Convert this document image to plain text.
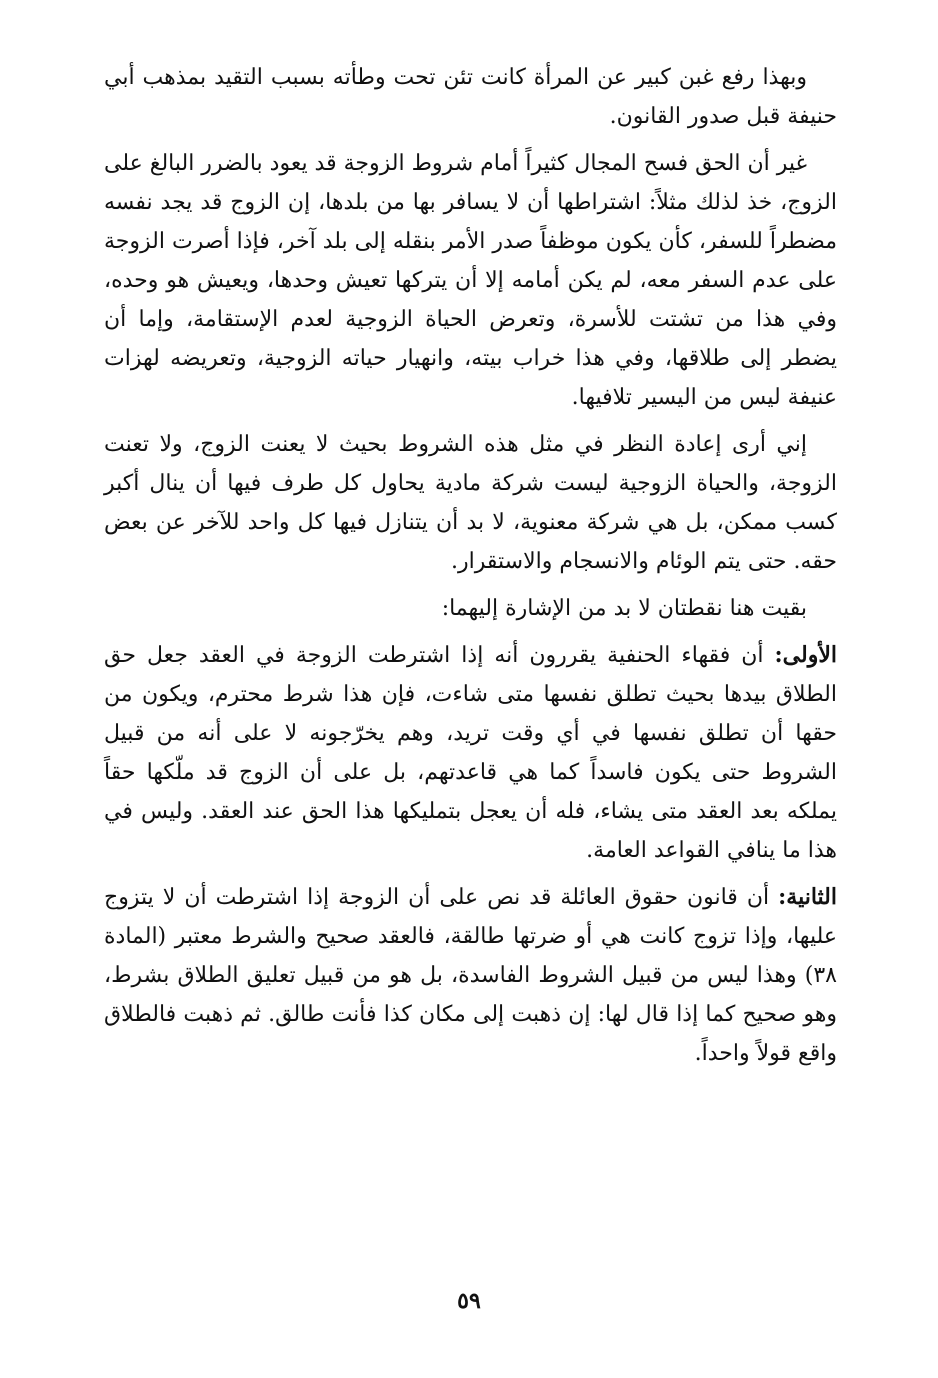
وبهذا رفع غبن كبير عن المرأة كانت تئن تحت وطأته بسبب التقيد بمذهب أبي حنيفة قبل صدور القانون.

غير أن الحق فسح المجال كثيراً أمام شروط الزوجة قد يعود بالضرر البالغ على الزوج، خذ لذلك مثلاً: اشتراطها أن لا يسافر بها من بلدها، إن الزوج قد يجد نفسه مضطراً للسفر، كأن يكون موظفاً صدر الأمر بنقله إلى بلد آخر، فإذا أصرت الزوجة على عدم السفر معه، لم يكن أمامه إلا أن يتركها تعيش وحدها، ويعيش هو وحده، وفي هذا من تشتت للأسرة، وتعرض الحياة الزوجية لعدم الإستقامة، وإما أن يضطر إلى طلاقها، وفي هذا خراب بيته، وانهيار حياته الزوجية، وتعريضه لهزات عنيفة ليس من اليسير تلافيها.

إني أرى إعادة النظر في مثل هذه الشروط بحيث لا يعنت الزوج، ولا تعنت الزوجة، والحياة الزوجية ليست شركة مادية يحاول كل طرف فيها أن ينال أكبر كسب ممكن، بل هي شركة معنوية، لا بد أن يتنازل فيها كل واحد للآخر عن بعض حقه. حتى يتم الوئام والانسجام والاستقرار.

بقيت هنا نقطتان لا بد من الإشارة إليهما:

الأولى: أن فقهاء الحنفية يقررون أنه إذا اشترطت الزوجة في العقد جعل حق الطلاق بيدها بحيث تطلق نفسها متى شاءت، فإن هذا شرط محترم، ويكون من حقها أن تطلق نفسها في أي وقت تريد، وهم يخرّجونه لا على أنه من قبيل الشروط حتى يكون فاسداً كما هي قاعدتهم، بل على أن الزوج قد ملّكها حقاً يملكه بعد العقد متى يشاء، فله أن يعجل بتمليكها هذا الحق عند العقد. وليس في هذا ما ينافي القواعد العامة.

الثانية: أن قانون حقوق العائلة قد نص على أن الزوجة إذا اشترطت أن لا يتزوج عليها، وإذا تزوج كانت هي أو ضرتها طالقة، فالعقد صحيح والشرط معتبر (المادة ٣٨) وهذا ليس من قبيل الشروط الفاسدة، بل هو من قبيل تعليق الطلاق بشرط، وهو صحيح كما إذا قال لها: إن ذهبت إلى مكان كذا فأنت طالق. ثم ذهبت فالطلاق واقع قولاً واحداً.

٥٩
